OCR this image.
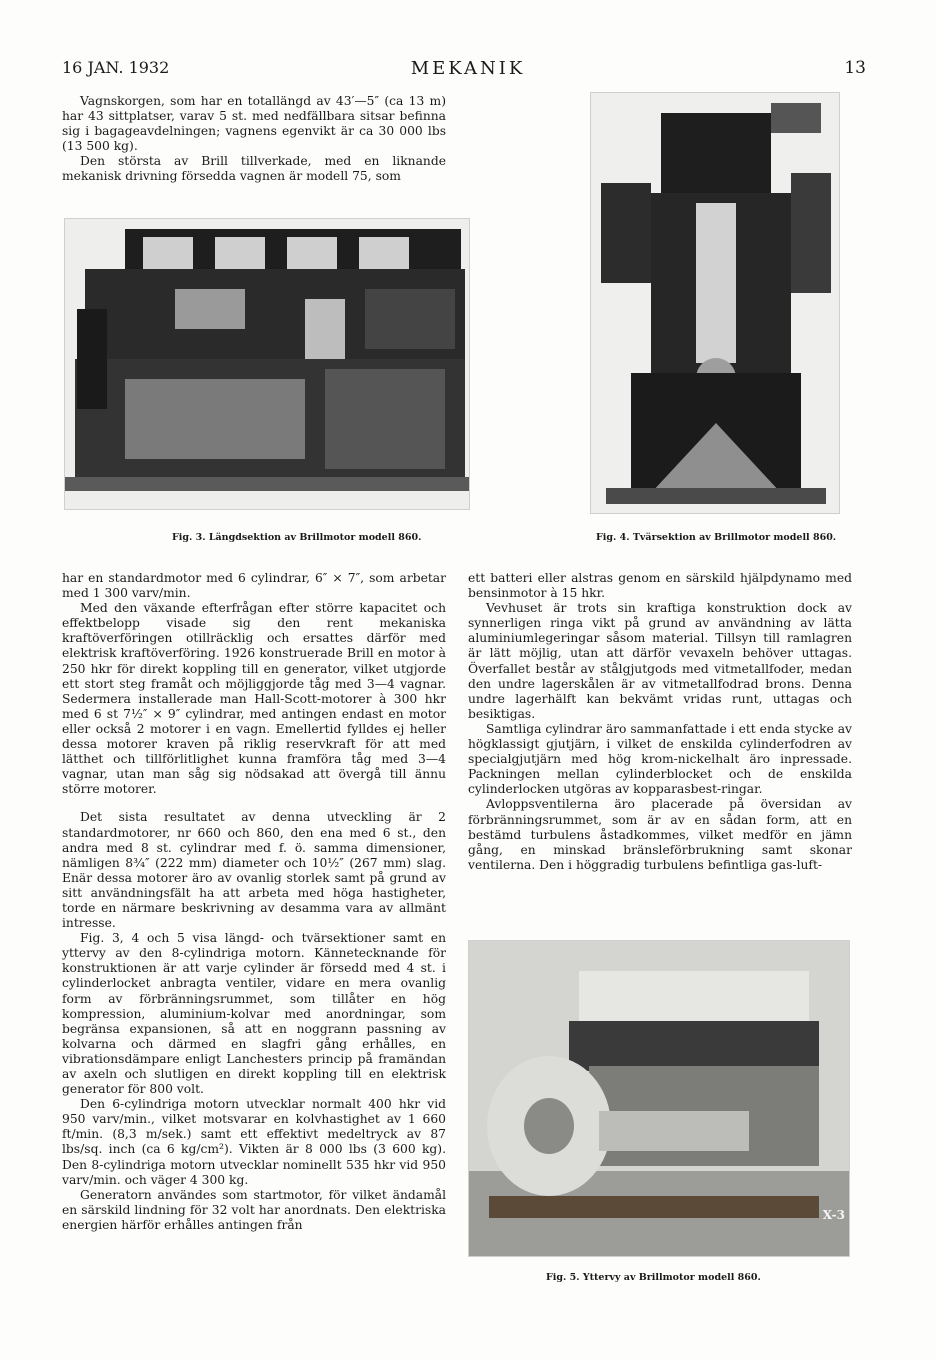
16 JAN. 1932	MEKANIK	13

Vagnskorgen, som har en totallängd av 43′—5″ (ca 13 m) har 43 sittplatser, varav 5 st. med nedfällbara sitsar befinna sig i bagageavdelningen; vagnens egenvikt är ca 30 000 lbs (13 500 kg).

Den största av Brill tillverkade, med en liknande mekanisk drivning försedda vagnen är modell 75, som

Fig. 3. Längdsektion av Brillmotor modell 860.	Fig. 4. Tvärsektion av Brillmotor modell 860.

har en standardmotor med 6 cylindrar, 6″ × 7″, som arbetar med 1 300 varv/min.

Med den växande efterfrågan efter större kapacitet och effektbelopp visade sig den rent mekaniska kraftöverföringen otillräcklig och ersattes därför med elektrisk kraftöverföring. 1926 konstruerade Brill en motor à 250 hkr för direkt koppling till en generator, vilket utgjorde ett stort steg framåt och möjliggjorde tåg med 3—4 vagnar. Sedermera installerade man Hall-Scott-motorer à 300 hkr med 6 st 7½″ × 9″ cylindrar, med antingen endast en motor eller också 2 motorer i en vagn. Emellertid fylldes ej heller dessa motorer kraven på riklig reservkraft för att med lätthet och tillförlitlighet kunna framföra tåg med 3—4 vagnar, utan man såg sig nödsakad att övergå till ännu större motorer.

Det sista resultatet av denna utveckling är 2 standardmotorer, nr 660 och 860, den ena med 6 st., den andra med 8 st. cylindrar med f. ö. samma dimensioner, nämligen 8¾″ (222 mm) diameter och 10½″ (267 mm) slag. Enär dessa motorer äro av ovanlig storlek samt på grund av sitt användningsfält ha att arbeta med höga hastigheter, torde en närmare beskrivning av desamma vara av allmänt intresse.

Fig. 3, 4 och 5 visa längd- och tvärsektioner samt en yttervy av den 8-cylindriga motorn. Kännetecknande för konstruktionen är att varje cylinder är försedd med 4 st. i cylinderlocket anbragta ventiler, vidare en mera ovanlig form av förbränningsrummet, som tillåter en hög kompression, aluminium-kolvar med anordningar, som begränsa expansionen, så att en noggrann passning av kolvarna och därmed en slagfri gång erhålles, en vibrationsdämpare enligt Lanchesters princip på framändan av axeln och slutligen en direkt koppling till en elektrisk generator för 800 volt.

Den 6-cylindriga motorn utvecklar normalt 400 hkr vid 950 varv/min., vilket motsvarar en kolvhastighet av 1 660 ft/min. (8,3 m/sek.) samt ett effektivt medeltryck av 87 lbs/sq. inch (ca 6 kg/cm²). Vikten är 8 000 lbs (3 600 kg). Den 8-cylindriga motorn utvecklar nominellt 535 hkr vid 950 varv/min. och väger 4 300 kg.

Generatorn användes som startmotor, för vilket ändamål en särskild lindning för 32 volt har anordnats. Den elektriska energien härför erhålles antingen från

ett batteri eller alstras genom en särskild hjälpdynamo med bensinmotor à 15 hkr.

Vevhuset är trots sin kraftiga konstruktion dock av synnerligen ringa vikt på grund av användning av lätta aluminiumlegeringar såsom material. Tillsyn till ramlagren är lätt möjlig, utan att därför vevaxeln behöver uttagas. Överfallet består av stålgjutgods med vitmetallfoder, medan den undre lagerskålen är av vitmetallfodrad brons. Denna undre lagerhälft kan bekvämt vridas runt, uttagas och besiktigas.

Samtliga cylindrar äro sammanfattade i ett enda stycke av högklassigt gjutjärn, i vilket de enskilda cylinderfodren av specialgjutjärn med hög krom-nickelhalt äro inpressade. Packningen mellan cylinderblocket och de enskilda cylinderlocken utgöras av kopparasbest-ringar.

Avloppsventilerna äro placerade på översidan av förbränningsrummet, som är av en sådan form, att en bestämd turbulens åstadkommes, vilket medför en jämn gång, en minskad bränsleförbrukning samt skonar ventilerna. Den i höggradig turbulens befintliga gas-luft-

X-3
Fig. 5. Yttervy av Brillmotor modell 860.
